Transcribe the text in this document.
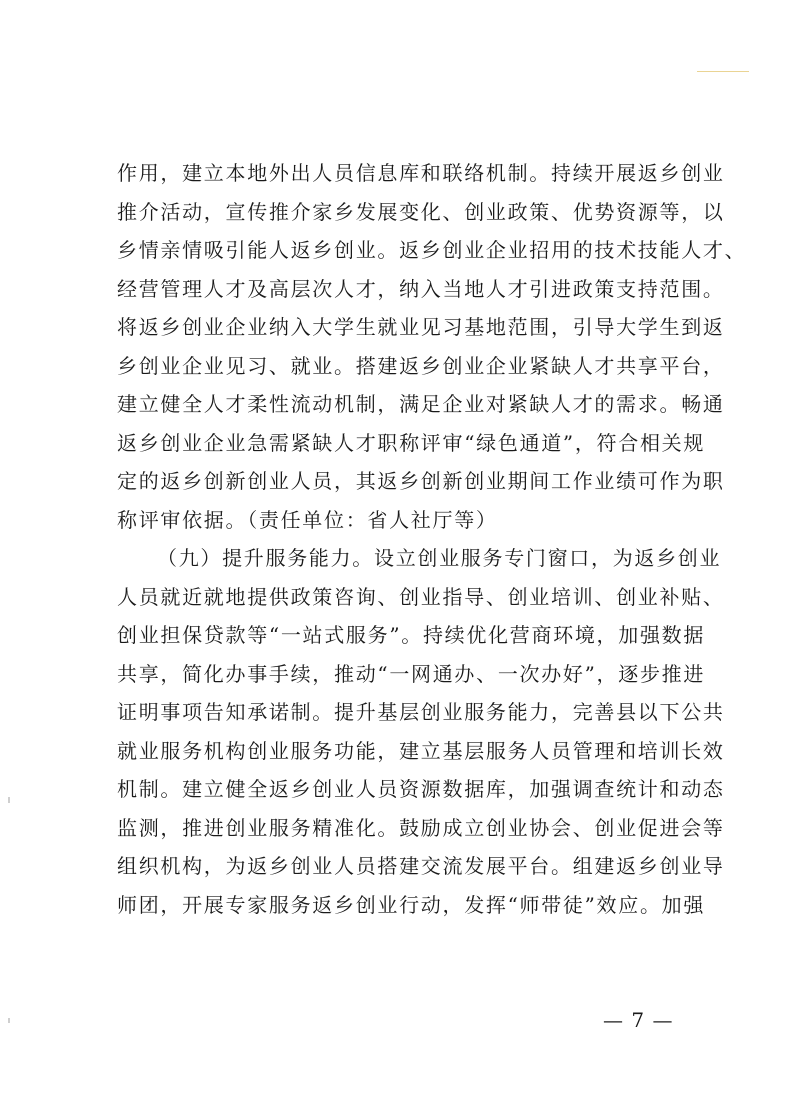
作用，建立本地外出人员信息库和联络机制。持续开展返乡创业
推介活动，宣传推介家乡发展变化、创业政策、优势资源等，以
乡情亲情吸引能人返乡创业。返乡创业企业招用的技术技能人才、
经营管理人才及高层次人才，纳入当地人才引进政策支持范围。
将返乡创业企业纳入大学生就业见习基地范围，引导大学生到返
乡创业企业见习、就业。搭建返乡创业企业紧缺人才共享平台，
建立健全人才柔性流动机制，满足企业对紧缺人才的需求。畅通
返乡创业企业急需紧缺人才职称评审“绿色通道”，符合相关规
定的返乡创新创业人员，其返乡创新创业期间工作业绩可作为职
称评审依据。（责任单位：省人社厅等）
（九）提升服务能力。设立创业服务专门窗口，为返乡创业
人员就近就地提供政策咨询、创业指导、创业培训、创业补贴、
创业担保贷款等“一站式服务”。持续优化营商环境，加强数据
共享，简化办事手续，推动“一网通办、一次办好”，逐步推进
证明事项告知承诺制。提升基层创业服务能力，完善县以下公共
就业服务机构创业服务功能，建立基层服务人员管理和培训长效
机制。建立健全返乡创业人员资源数据库，加强调查统计和动态
监测，推进创业服务精准化。鼓励成立创业协会、创业促进会等
组织机构，为返乡创业人员搭建交流发展平台。组建返乡创业导
师团，开展专家服务返乡创业行动，发挥“师带徒”效应。加强
— 7 —
